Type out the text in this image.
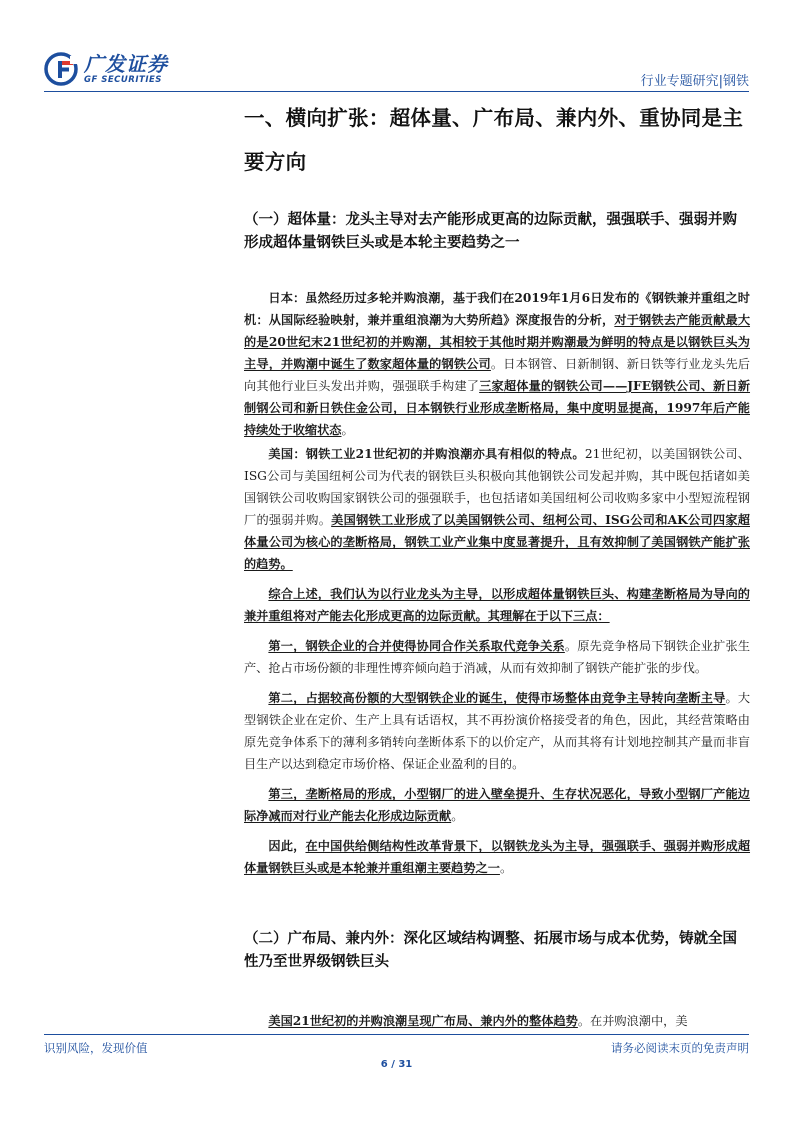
广发证券
GF SECURITIES	行业专题研究|钢铁
一、横向扩张：超体量、广布局、兼内外、重协同是主要方向
（一）超体量：龙头主导对去产能形成更高的边际贡献，强强联手、强弱并购形成超体量钢铁巨头或是本轮主要趋势之一

日本：虽然经历过多轮并购浪潮，基于我们在2019年1月6日发布的《钢铁兼并重组之时机：从国际经验映射，兼并重组浪潮为大势所趋》深度报告的分析，对于钢铁去产能贡献最大的是20世纪末21世纪初的并购潮，其相较于其他时期并购潮最为鲜明的特点是以钢铁巨头为主导，并购潮中诞生了数家超体量的钢铁公司。日本钢管、日新制钢、新日铁等行业龙头先后向其他行业巨头发出并购，强强联手构建了三家超体量的钢铁公司——JFE钢铁公司、新日新制钢公司和新日铁住金公司，日本钢铁行业形成垄断格局，集中度明显提高，1997年后产能持续处于收缩状态。

美国：钢铁工业21世纪初的并购浪潮亦具有相似的特点。21世纪初，以美国钢铁公司、ISG公司与美国纽柯公司为代表的钢铁巨头积极向其他钢铁公司发起并购，其中既包括诸如美国钢铁公司收购国家钢铁公司的强强联手，也包括诸如美国纽柯公司收购多家中小型短流程钢厂的强弱并购。美国钢铁工业形成了以美国钢铁公司、纽柯公司、ISG公司和AK公司四家超体量公司为核心的垄断格局，钢铁工业产业集中度显著提升，且有效抑制了美国钢铁产能扩张的趋势。

综合上述，我们认为以行业龙头为主导，以形成超体量钢铁巨头、构建垄断格局为导向的兼并重组将对产能去化形成更高的边际贡献。其理解在于以下三点：

第一，钢铁企业的合并使得协同合作关系取代竞争关系。原先竞争格局下钢铁企业扩张生产、抢占市场份额的非理性博弈倾向趋于消减，从而有效抑制了钢铁产能扩张的步伐。

第二，占据较高份额的大型钢铁企业的诞生，使得市场整体由竞争主导转向垄断主导。大型钢铁企业在定价、生产上具有话语权，其不再扮演价格接受者的角色，因此，其经营策略由原先竞争体系下的薄利多销转向垄断体系下的以价定产，从而其将有计划地控制其产量而非盲目生产以达到稳定市场价格、保证企业盈利的目的。

第三，垄断格局的形成，小型钢厂的进入壁垒提升、生存状况恶化，导致小型钢厂产能边际净减而对行业产能去化形成边际贡献。

因此，在中国供给侧结构性改革背景下，以钢铁龙头为主导，强强联手、强弱并购形成超体量钢铁巨头或是本轮兼并重组潮主要趋势之一。

（二）广布局、兼内外：深化区域结构调整、拓展市场与成本优势，铸就全国性乃至世界级钢铁巨头

美国21世纪初的并购浪潮呈现广布局、兼内外的整体趋势。在并购浪潮中，美

识别风险，发现价值	请务必阅读末页的免责声明
6 / 31
